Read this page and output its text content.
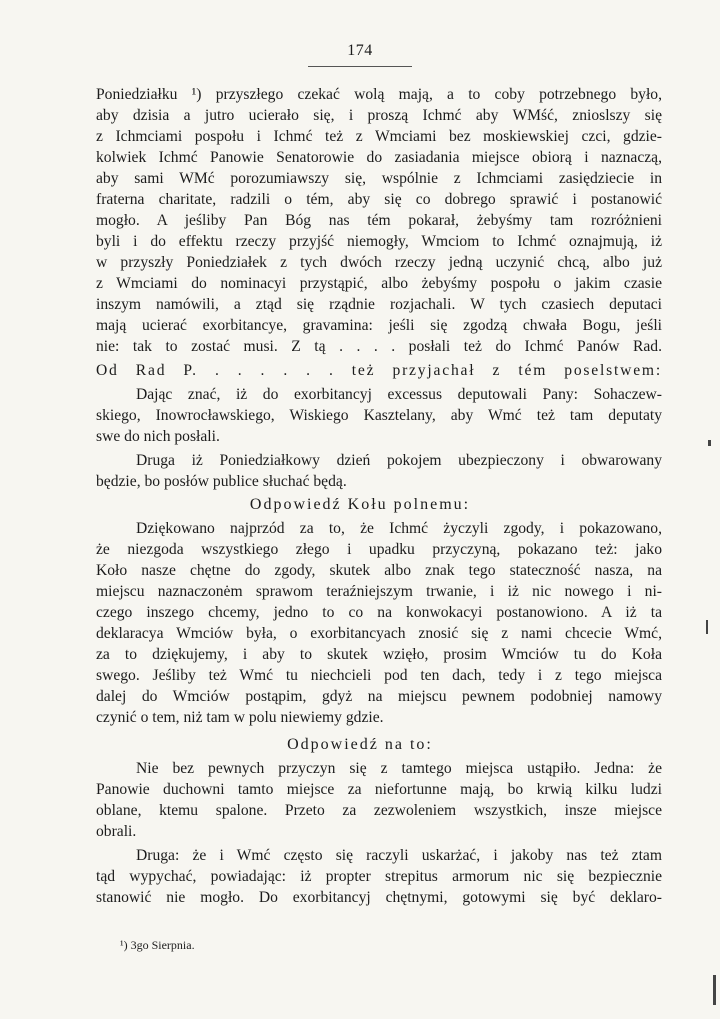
174
Poniedziałku ¹) przyszłego czekać wolą mają, a to coby potrzebnego było,
aby dzisia a jutro ucierało się, i proszą Ichmć aby WMść, znioslszy się
z Ichmciami pospołu i Ichmć też z Wmciami bez moskiewskiej czci, gdzie-
kolwiek Ichmć Panowie Senatorowie do zasiadania miejsce obiorą i naznaczą,
aby sami WMć porozumiawszy się, wspólnie z Ichmciami zasiędziecie in
fraterna charitate, radzili o tém, aby się co dobrego sprawić i postanowić
mogło. A jeśliby Pan Bóg nas tém pokarał, żebyśmy tam rozróżnieni
byli i do effektu rzeczy przyjść niemogły, Wmciom to Ichmć oznajmują, iż
w przyszły Poniedziałek z tych dwóch rzeczy jedną uczynić chcą, albo już
z Wmciami do nominacyi przystąpić, albo żebyśmy pospołu o jakim czasie
inszym namówili, a ztąd się rządnie rozjachali. W tych czasiech deputaci
mają ucierać exorbitancye, gravamina: jeśli się zgodzą chwała Bogu, jeśli
nie: tak to zostać musi. Z tą . . . . posłali też do Ichmć Panów Rad.
Od Rad P. . . . . . . też przyjachał z tém poselstwem:
Dając znać, iż do exorbitancyj excessus deputowali Pany: Sohaczew-
skiego, Inowrocławskiego, Wiskiego Kasztelany, aby Wmć też tam deputaty
swe do nich posłali.
Druga iż Poniedziałkowy dzień pokojem ubezpieczony i obwarowany
będzie, bo posłów publice słuchać będą.
Odpowiedź Kołu polnemu:
Dziękowano najprzód za to, że Ichmć życzyli zgody, i pokazowano,
że niezgoda wszystkiego złego i upadku przyczyną, pokazano też: jako
Koło nasze chętne do zgody, skutek albo znak tego stateczność nasza, na
miejscu naznaczonėm sprawom teraźniejszym trwanie, i iż nic nowego i ni-
czego inszego chcemy, jedno to co na konwokacyi postanowiono. A iż ta
deklaracya Wmciów była, o exorbitancyach znosić się z nami chcecie Wmć,
za to dziękujemy, i aby to skutek wzięło, prosim Wmciów tu do Koła
swego. Jeśliby też Wmć tu niechcieli pod ten dach, tedy i z tego miejsca
dalej do Wmciów postąpim, gdyż na miejscu pewnem podobniej namowy
czynić o tem, niż tam w polu niewiemy gdzie.
Odpowiedź na to:
Nie bez pewnych przyczyn się z tamtego miejsca ustąpiło. Jedna: że
Panowie duchowni tamto miejsce za niefortunne mają, bo krwią kilku ludzi
oblane, ktemu spalone. Przeto za zezwoleniem wszystkich, insze miejsce
obrali.
Druga: że i Wmć często się raczyli uskarżać, i jakoby nas też ztam
tąd wypychać, powiadając: iż propter strepitus armorum nic się bezpiecznie
stanowić nie mogło. Do exorbitancyj chętnymi, gotowymi się być deklaro-
¹) 3go Sierpnia.
